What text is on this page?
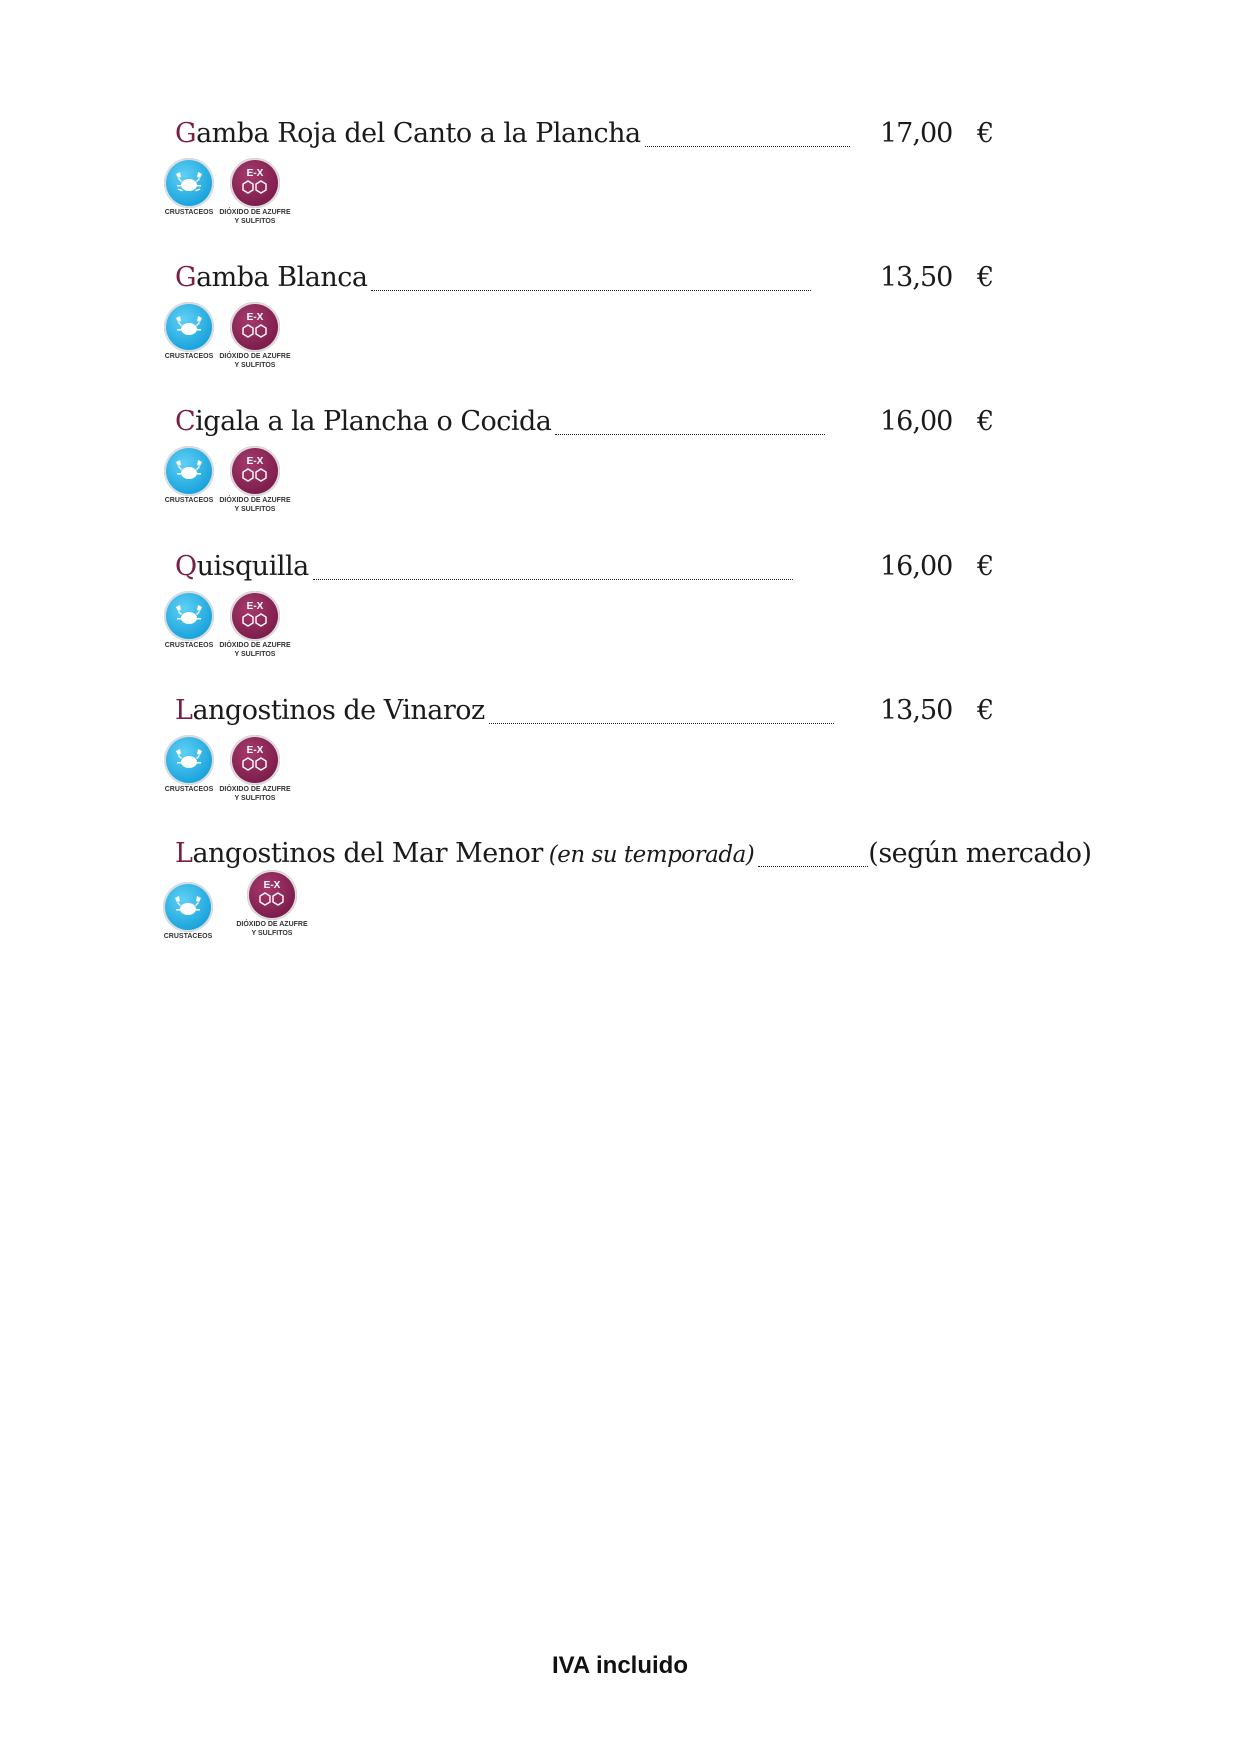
Gamba Roja del Canto a la Plancha	17,00 €
CRUSTACEOS
E-X
DIÓXIDO DE AZUFRE
Y SULFITOS
Gamba Blanca	13,50 €
CRUSTACEOS
E-X
DIÓXIDO DE AZUFRE
Y SULFITOS
Cigala a la Plancha o Cocida	16,00 €
CRUSTACEOS
E-X
DIÓXIDO DE AZUFRE
Y SULFITOS
Quisquilla	16,00 €
CRUSTACEOS
E-X
DIÓXIDO DE AZUFRE
Y SULFITOS
Langostinos de Vinaroz	13,50 €
CRUSTACEOS
E-X
DIÓXIDO DE AZUFRE
Y SULFITOS
Langostinos del Mar Menor (en su temporada)	(según mercado)
CRUSTACEOS
E-X
DIÓXIDO DE AZUFRE
Y SULFITOS
IVA incluido
